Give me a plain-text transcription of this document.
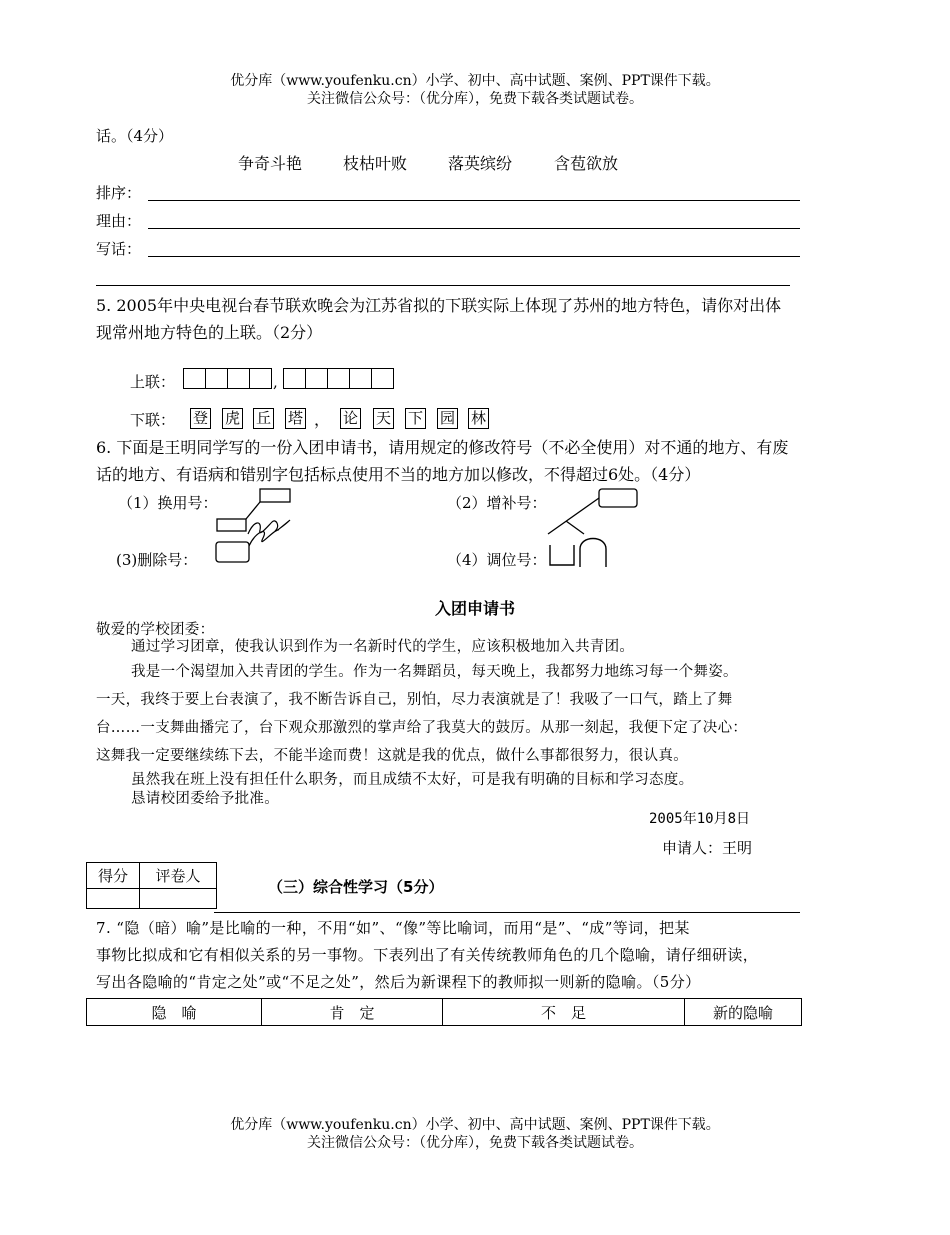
优分库（www.youfenku.cn）小学、初中、高中试题、案例、PPT课件下载。
关注微信公众号：（优分库），免费下载各类试题试卷。
话。（4分）
争奇斗艳	枝枯叶败	落英缤纷	含苞欲放
排序：
理由：
写话：
5. 2005年中央电视台春节联欢晚会为江苏省拟的下联实际上体现了苏州的地方特色，请你对出体
现常州地方特色的上联。（2分）
上联：	,
下联： 登 虎 丘 塔 ， 论 天 下 园 林
6. 下面是王明同学写的一份入团申请书，请用规定的修改符号（不必全使用）对不通的地方、有废
话的地方、有语病和错别字包括标点使用不当的地方加以修改，不得超过6处。（4分）
（1）换用号：	（2）增补号：
(3)删除号：	（4）调位号：
入团申请书
敬爱的学校团委：
通过学习团章，使我认识到作为一名新时代的学生，应该积极地加入共青团。
我是一个渴望加入共青团的学生。作为一名舞蹈员，每天晚上，我都努力地练习每一个舞姿。
一天，我终于要上台表演了，我不断告诉自己，别怕，尽力表演就是了！我吸了一口气，踏上了舞
台……一支舞曲播完了，台下观众那激烈的掌声给了我莫大的鼓厉。从那一刻起，我便下定了决心：
这舞我一定要继续练下去，不能半途而费！这就是我的优点，做什么事都很努力，很认真。
虽然我在班上没有担任什么职务，而且成绩不太好，可是我有明确的目标和学习态度。
恳请校团委给予批准。
2005年10月8日
申请人：王明
得分	评卷人

（三）综合性学习（5分）
7. “隐（暗）喻”是比喻的一种，不用“如”、“像”等比喻词，而用“是”、“成”等词，把某
事物比拟成和它有相似关系的另一事物。下表列出了有关传统教师角色的几个隐喻，请仔细研读，
写出各隐喻的“肯定之处”或“不足之处”，然后为新课程下的教师拟一则新的隐喻。（5分）
隐　喻	肯　定	不　足	新的隐喻
优分库（www.youfenku.cn）小学、初中、高中试题、案例、PPT课件下载。
关注微信公众号：（优分库），免费下载各类试题试卷。
